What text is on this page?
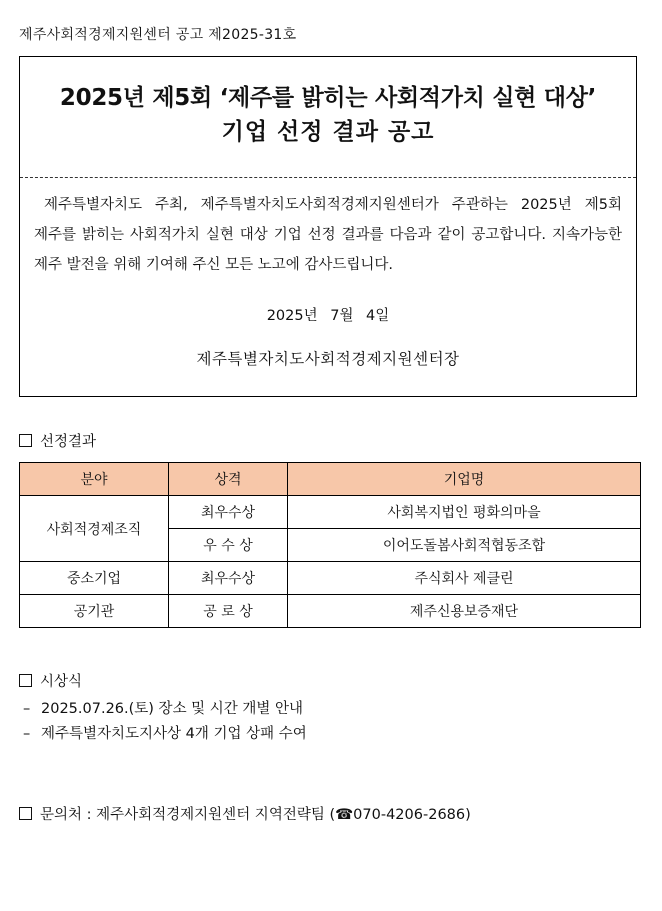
제주사회적경제지원센터 공고 제2025-31호
2025년 제5회 ‘제주를 밝히는 사회적가치 실현 대상’
기업 선정 결과 공고
제주특별자치도 주최, 제주특별자치도사회적경제지원센터가 주관하는 2025년 제5회 제주를 밝히는 사회적가치 실현 대상 기업 선정 결과를 다음과 같이 공고합니다. 지속가능한 제주 발전을 위해 기여해 주신 모든 노고에 감사드립니다.
2025년 7월 4일
제주특별자치도사회적경제지원센터장
선정결과
분야	상격	기업명
사회적경제조직	최우수상	사회복지법인 평화의마을
	우 수 상	이어도돌봄사회적협동조합
중소기업	최우수상	주식회사 제클린
공기관	공 로 상	제주신용보증재단
시상식
– 2025.07.26.(토) 장소 및 시간 개별 안내
– 제주특별자치도지사상 4개 기업 상패 수여
문의처 : 제주사회적경제지원센터 지역전략팀 (☎070-4206-2686)
